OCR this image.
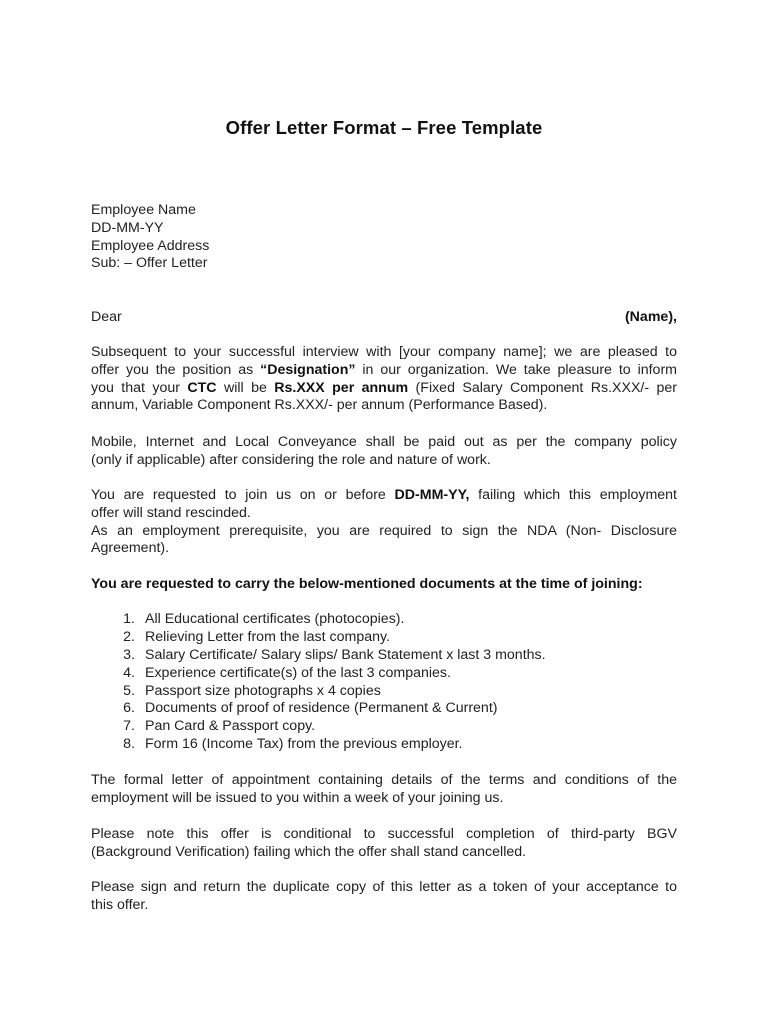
Offer Letter Format – Free Template
Employee Name
DD-MM-YY
Employee Address
Sub: – Offer Letter
Dear	(Name),
Subsequent to your successful interview with [your company name]; we are pleased to
offer you the position as “Designation” in our organization. We take pleasure to inform
you that your CTC will be Rs.XXX per annum (Fixed Salary Component Rs.XXX/- per
annum, Variable Component Rs.XXX/- per annum (Performance Based).
Mobile, Internet and Local Conveyance shall be paid out as per the company policy
(only if applicable) after considering the role and nature of work.
You are requested to join us on or before DD-MM-YY, failing which this employment
offer will stand rescinded.
As an employment prerequisite, you are required to sign the NDA (Non- Disclosure
Agreement).
You are requested to carry the below-mentioned documents at the time of joining:
1. All Educational certificates (photocopies).
2. Relieving Letter from the last company.
3. Salary Certificate/ Salary slips/ Bank Statement x last 3 months.
4. Experience certificate(s) of the last 3 companies.
5. Passport size photographs x 4 copies
6. Documents of proof of residence (Permanent & Current)
7. Pan Card & Passport copy.
8. Form 16 (Income Tax) from the previous employer.
The formal letter of appointment containing details of the terms and conditions of the
employment will be issued to you within a week of your joining us.
Please note this offer is conditional to successful completion of third-party BGV
(Background Verification) failing which the offer shall stand cancelled.
Please sign and return the duplicate copy of this letter as a token of your acceptance to
this offer.
